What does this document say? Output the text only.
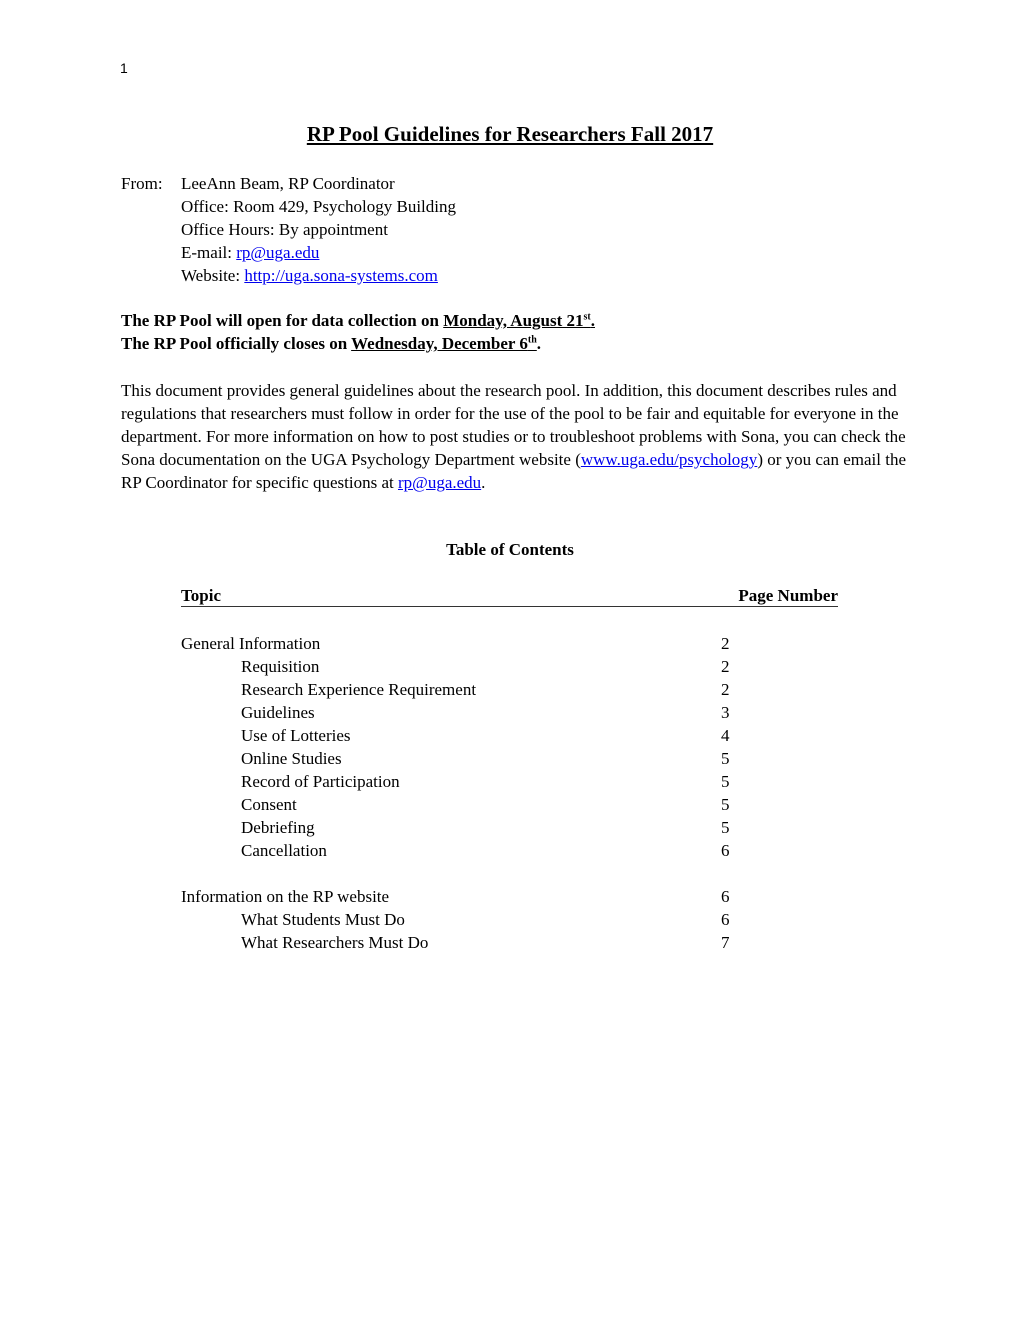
1
RP Pool Guidelines for Researchers Fall 2017
From: LeeAnn Beam, RP Coordinator
Office: Room 429, Psychology Building
Office Hours: By appointment
E-mail: rp@uga.edu
Website: http://uga.sona-systems.com
The RP Pool will open for data collection on Monday, August 21st.
The RP Pool officially closes on Wednesday, December 6th.
This document provides general guidelines about the research pool. In addition, this document describes rules and regulations that researchers must follow in order for the use of the pool to be fair and equitable for everyone in the department. For more information on how to post studies or to troubleshoot problems with Sona, you can check the Sona documentation on the UGA Psychology Department website (www.uga.edu/psychology) or you can email the RP Coordinator for specific questions at rp@uga.edu.
Table of Contents
Topic	Page Number
General Information	2
Requisition	2
Research Experience Requirement	2
Guidelines	3
Use of Lotteries	4
Online Studies	5
Record of Participation	5
Consent	5
Debriefing	5
Cancellation	6
Information on the RP website	6
What Students Must Do	6
What Researchers Must Do	7
